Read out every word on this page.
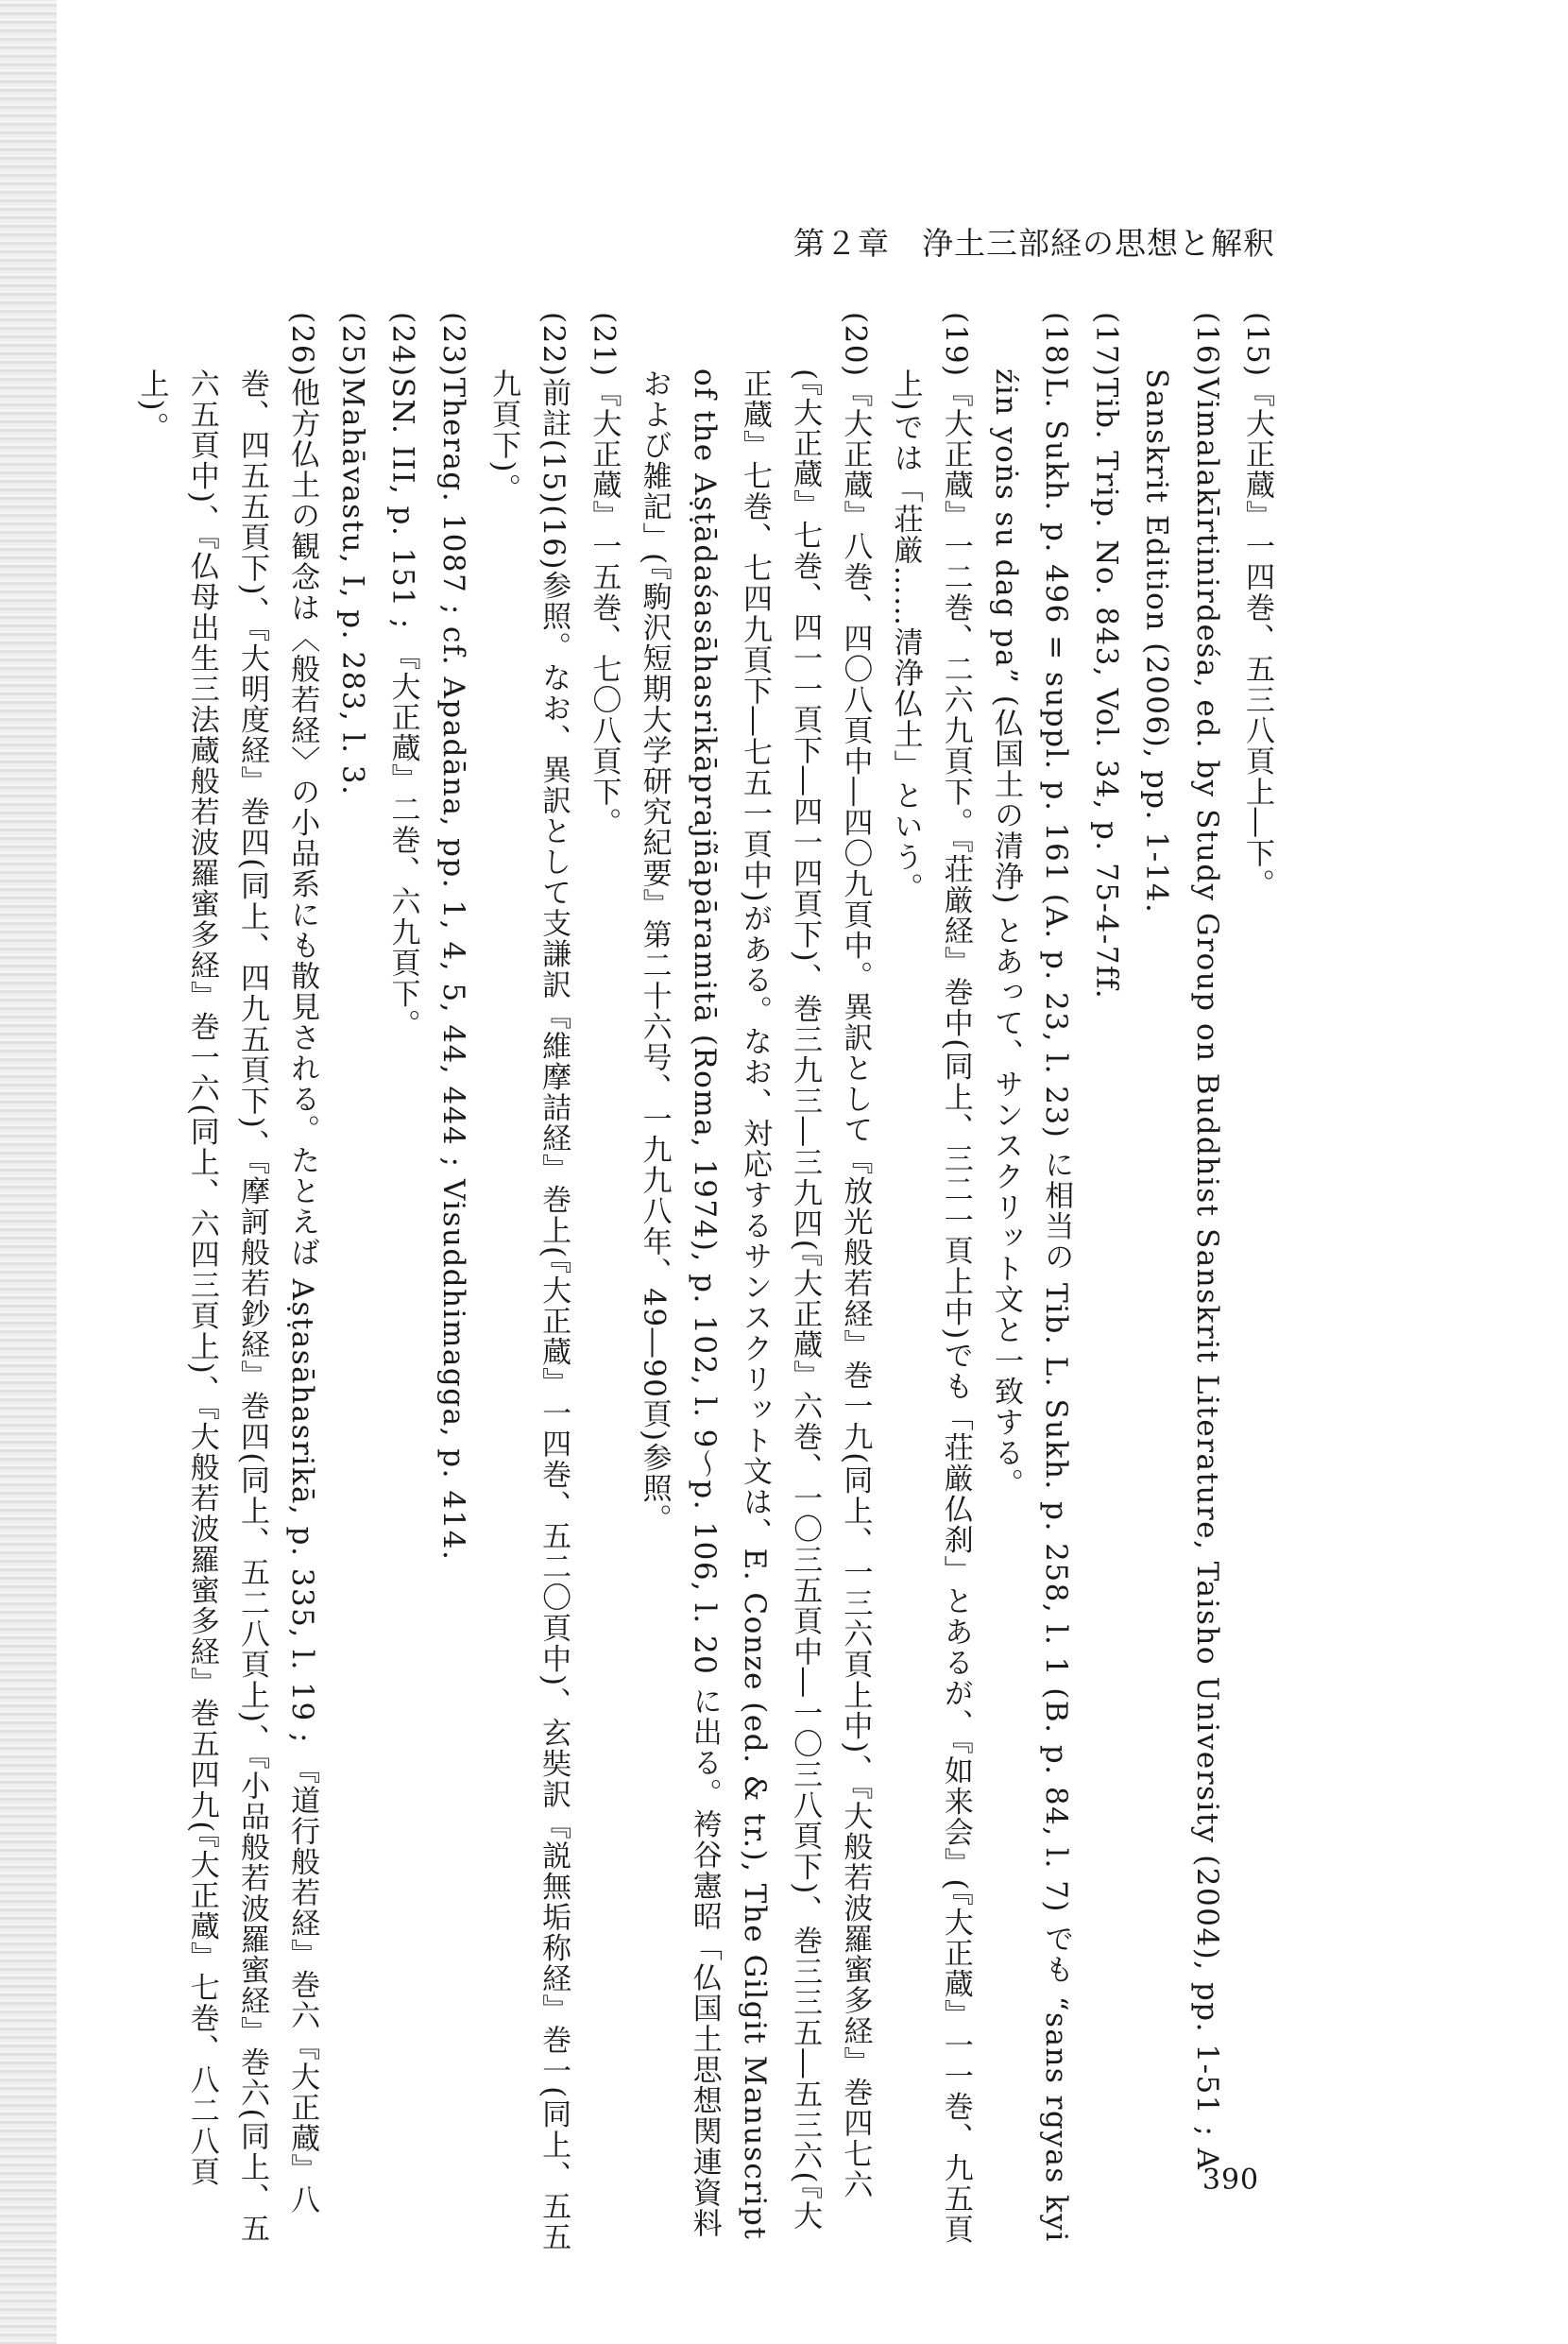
第２章　浄土三部経の思想と解釈

(15)『大正蔵』一四巻、五三八頁上―下。

(16)Vimalakīrtinirdeśa, ed. by Study Group on Buddhist Sanskrit Literature, Taisho University (2004), pp. 1-51 ; A Sanskrit Edition (2006), pp. 1-14.

(17)Tib. Trip. No. 843, Vol. 34, p. 75-4-7ff.

(18)L. Sukh. p. 496 = suppl. p. 161 (A. p. 23, l. 23) に相当の Tib. L. Sukh. p. 258, l. 1 (B. p. 84, l. 7) でも “sans rgyas kyi źin yoṅs su dag pa” (仏国土の清浄) とあって、サンスクリット文と一致する。

(19)『大正蔵』一二巻、二六九頁下。『荘厳経』巻中(同上、三二一頁上中)でも「荘厳仏刹」とあるが、『如来会』(『大正蔵』一一巻、九五頁上)では「荘厳……清浄仏土」という。

(20)『大正蔵』八巻、四〇八頁中―四〇九頁中。異訳として『放光般若経』巻一九(同上、一三六頁上中)、『大般若波羅蜜多経』巻四七六(『大正蔵』七巻、四一一頁下―四一四頁下)、巻三九三―三九四(『大正蔵』六巻、一〇三五頁中―一〇三八頁下)、巻三三五―五三六(『大正蔵』七巻、七四九頁下―七五一頁中)がある。なお、対応するサンスクリット文は、E. Conze (ed. & tr.), The Gilgit Manuscript of the Aṣṭādaśasāhasrikāprajñāpāramitā (Roma, 1974), p. 102, l. 9～p. 106, l. 20 に出る。袴谷憲昭「仏国土思想関連資料および雑記」(『駒沢短期大学研究紀要』第二十六号、一九九八年、49―90頁)参照。

(21)『大正蔵』一五巻、七〇八頁下。

(22)前註(15)(16)参照。なお、異訳として支謙訳『維摩詰経』巻上(『大正蔵』一四巻、五二〇頁中)、玄奘訳『説無垢称経』巻一(同上、五五九頁下)。

(23)Therag. 1087 ; cf. Apadāna, pp. 1, 4, 5, 44, 444 ; Visuddhimagga, p. 414.

(24)SN. III, p. 151 ; 『大正蔵』二巻、六九頁下。

(25)Mahāvastu, I, p. 283, l. 3.

(26)他方仏土の観念は〈般若経〉の小品系にも散見される。たとえば Aṣṭasāhasrikā, p. 335, l. 19 ; 『道行般若経』巻六『大正蔵』八巻、四五五頁下)、『大明度経』巻四(同上、四九五頁下)、『摩訶般若鈔経』巻四(同上、五二八頁上)、『小品般若波羅蜜経』巻六(同上、五六五頁中)、『仏母出生三法蔵般若波羅蜜多経』巻一六(同上、六四三頁上)、『大般若波羅蜜多経』巻五四九(『大正蔵』七巻、八二八頁上)。

390
